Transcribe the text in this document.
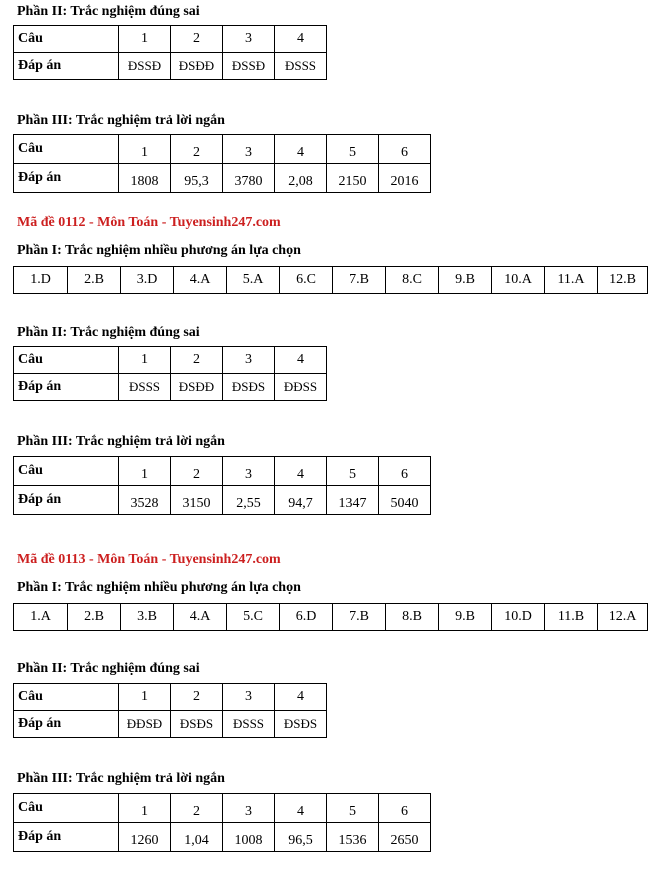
Phần II: Trắc nghiệm đúng sai
Câu	1	2	3	4
Đáp án	ĐSSĐ	ĐSĐĐ	ĐSSĐ	ĐSSS
Phần III: Trắc nghiệm trả lời ngắn
Câu	1	2	3	4	5	6
Đáp án	1808	95,3	3780	2,08	2150	2016
Mã đề 0112 - Môn Toán - Tuyensinh247.com
Phần I: Trắc nghiệm nhiều phương án lựa chọn
1.D	2.B	3.D	4.A	5.A	6.C	7.B	8.C	9.B	10.A	11.A	12.B
Phần II: Trắc nghiệm đúng sai
Câu	1	2	3	4
Đáp án	ĐSSS	ĐSĐĐ	ĐSĐS	ĐĐSS
Phần III: Trắc nghiệm trả lời ngắn
Câu	1	2	3	4	5	6
Đáp án	3528	3150	2,55	94,7	1347	5040
Mã đề 0113 - Môn Toán - Tuyensinh247.com
Phần I: Trắc nghiệm nhiều phương án lựa chọn
1.A	2.B	3.B	4.A	5.C	6.D	7.B	8.B	9.B	10.D	11.B	12.A
Phần II: Trắc nghiệm đúng sai
Câu	1	2	3	4
Đáp án	ĐĐSĐ	ĐSĐS	ĐSSS	ĐSĐS
Phần III: Trắc nghiệm trả lời ngắn
Câu	1	2	3	4	5	6
Đáp án	1260	1,04	1008	96,5	1536	2650
